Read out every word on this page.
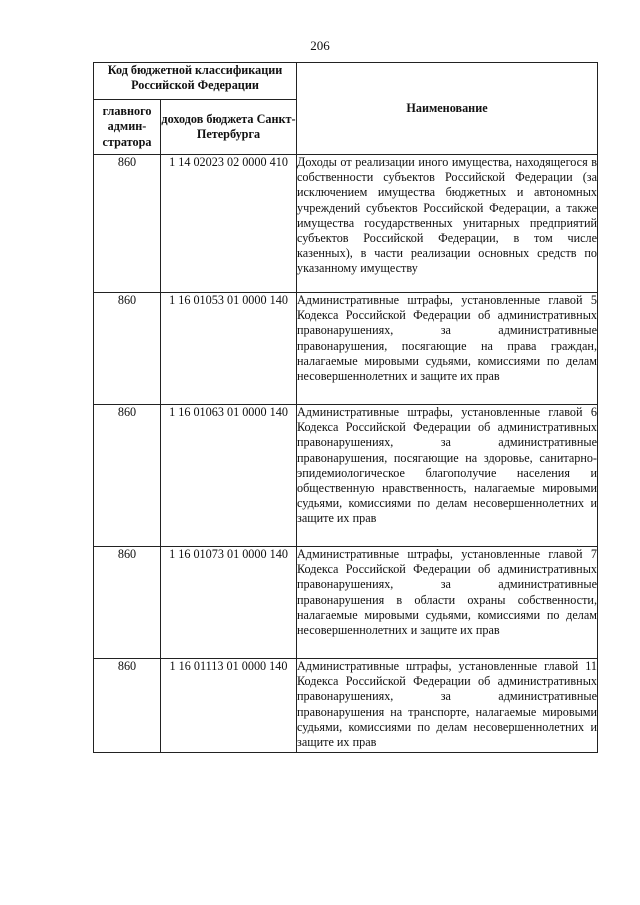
206
Код бюджетной классификации Российской Федерации		Наименование
главного админ-стратора	доходов бюджета Санкт-Петербурга	
860	1 14 02023 02 0000 410	Доходы от реализации иного имущества, находящегося в собственности субъектов Российской Федерации (за исключением имущества бюджетных и автономных учреждений субъектов Российской Федерации, а также имущества государственных унитарных предприятий субъектов Российской Федерации, в том числе казенных), в части реализации основных средств по указанному имуществу

860	1 16 01053 01 0000 140	Административные штрафы, установленные главой 5 Кодекса Российской Федерации об административных правонарушениях, за административные правонарушения, посягающие на права граждан, налагаемые мировыми судьями, комиссиями по делам несовершеннолетних и защите их прав

860	1 16 01063 01 0000 140	Административные штрафы, установленные главой 6 Кодекса Российской Федерации об административных правонарушениях, за административные правонарушения, посягающие на здоровье, санитарно-эпидемиологическое благополучие населения и общественную нравственность, налагаемые мировыми судьями, комиссиями по делам несовершеннолетних и защите их прав

860	1 16 01073 01 0000 140	Административные штрафы, установленные главой 7 Кодекса Российской Федерации об административных правонарушениях, за административные правонарушения в области охраны собственности, налагаемые мировыми судьями, комиссиями по делам несовершеннолетних и защите их прав

860	1 16 01113 01 0000 140	Административные штрафы, установленные главой 11 Кодекса Российской Федерации об административных правонарушениях, за административные правонарушения на транспорте, налагаемые мировыми судьями, комиссиями по делам несовершеннолетних и защите их прав
